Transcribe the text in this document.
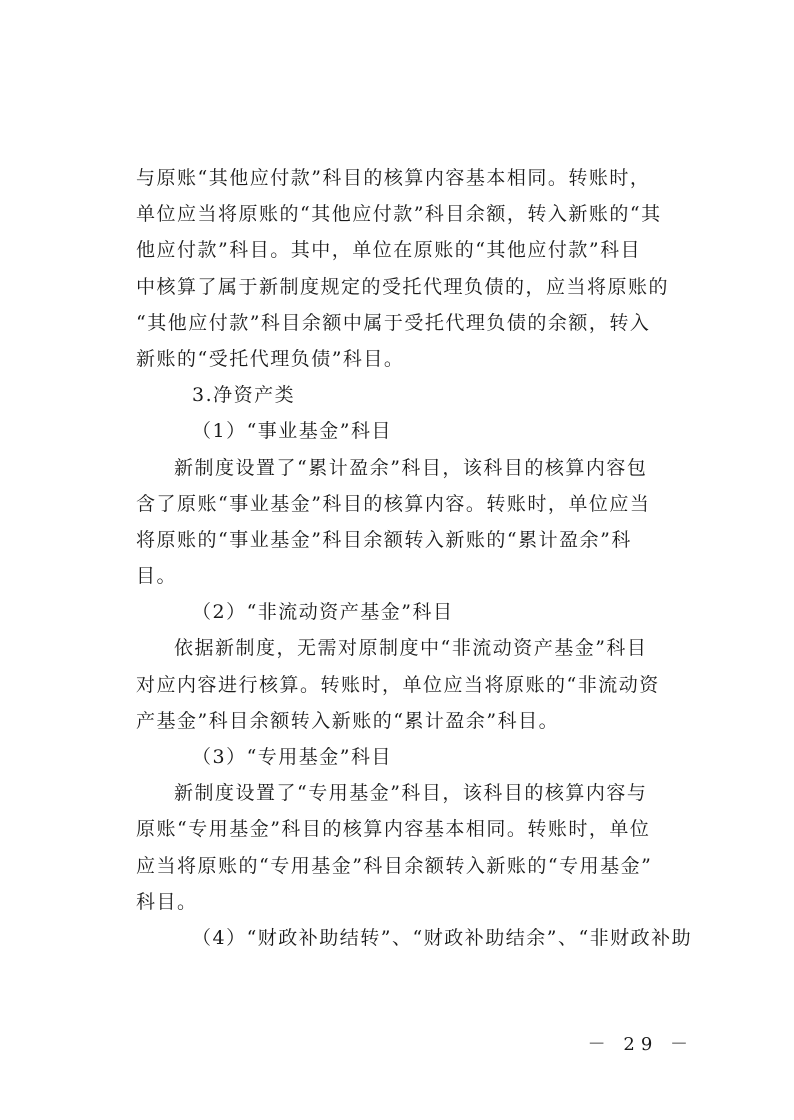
与原账“其他应付款”科目的核算内容基本相同。转账时，
单位应当将原账的“其他应付款”科目余额，转入新账的“其
他应付款”科目。其中，单位在原账的“其他应付款”科目
中核算了属于新制度规定的受托代理负债的，应当将原账的
“其他应付款”科目余额中属于受托代理负债的余额，转入
新账的“受托代理负债”科目。
3.净资产类
（1）“事业基金”科目
新制度设置了“累计盈余”科目，该科目的核算内容包
含了原账“事业基金”科目的核算内容。转账时，单位应当
将原账的“事业基金”科目余额转入新账的“累计盈余”科
目。
（2）“非流动资产基金”科目
依据新制度，无需对原制度中“非流动资产基金”科目
对应内容进行核算。转账时，单位应当将原账的“非流动资
产基金”科目余额转入新账的“累计盈余”科目。
（3）“专用基金”科目
新制度设置了“专用基金”科目，该科目的核算内容与
原账“专用基金”科目的核算内容基本相同。转账时，单位
应当将原账的“专用基金”科目余额转入新账的“专用基金”
科目。
（4）“财政补助结转”、“财政补助结余”、“非财政补助
－ 29 －
